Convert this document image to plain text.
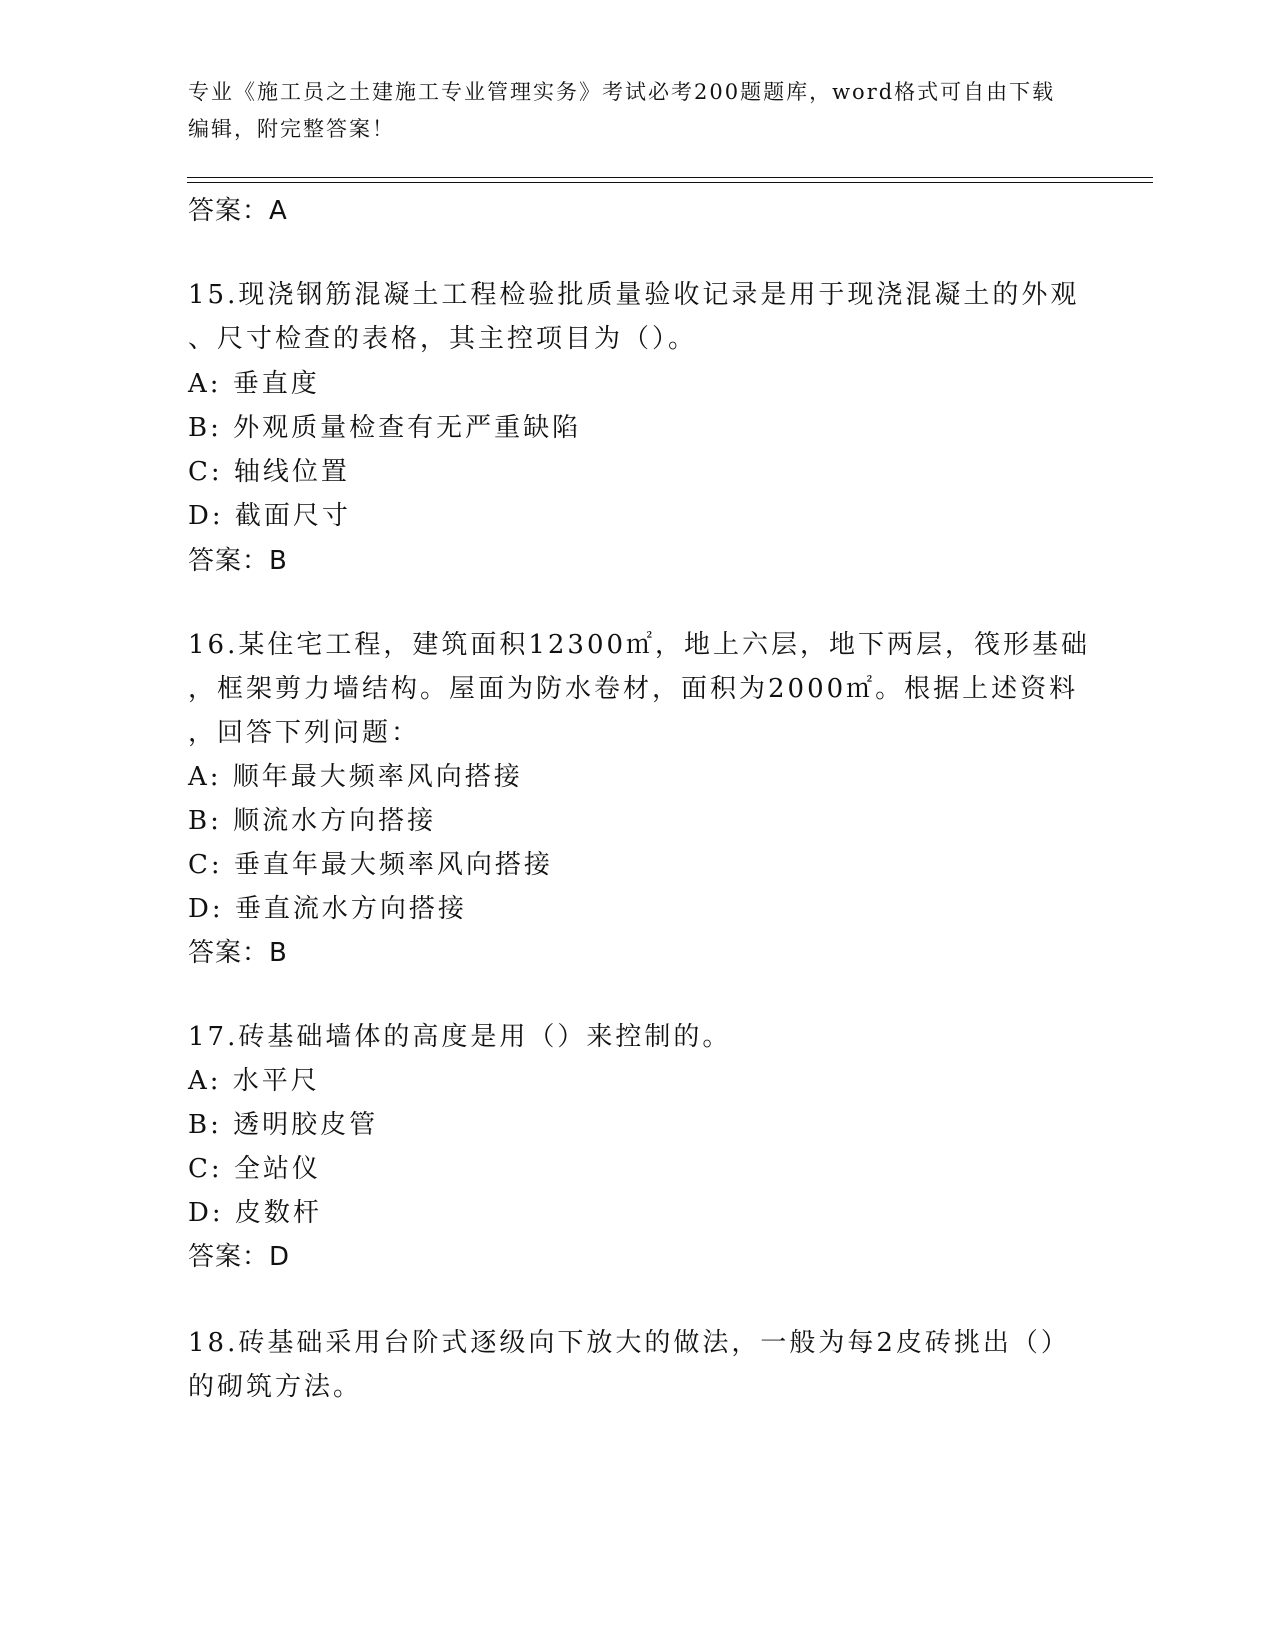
专业《施工员之土建施工专业管理实务》考试必考200题题库，word格式可自由下载编辑，附完整答案！
答案：A
15.现浇钢筋混凝土工程检验批质量验收记录是用于现浇混凝土的外观
、尺寸检查的表格，其主控项目为（）。
A: 垂直度
B: 外观质量检查有无严重缺陷
C: 轴线位置
D: 截面尺寸
答案：B
16.某住宅工程，建筑面积12300㎡，地上六层，地下两层，筏形基础
，框架剪力墙结构。屋面为防水卷材，面积为2000㎡。根据上述资料
，回答下列问题：
A: 顺年最大频率风向搭接
B: 顺流水方向搭接
C: 垂直年最大频率风向搭接
D: 垂直流水方向搭接
答案：B
17.砖基础墙体的高度是用（）来控制的。
A: 水平尺
B: 透明胶皮管
C: 全站仪
D: 皮数杆
答案：D
18.砖基础采用台阶式逐级向下放大的做法，一般为每2皮砖挑出（）
的砌筑方法。
